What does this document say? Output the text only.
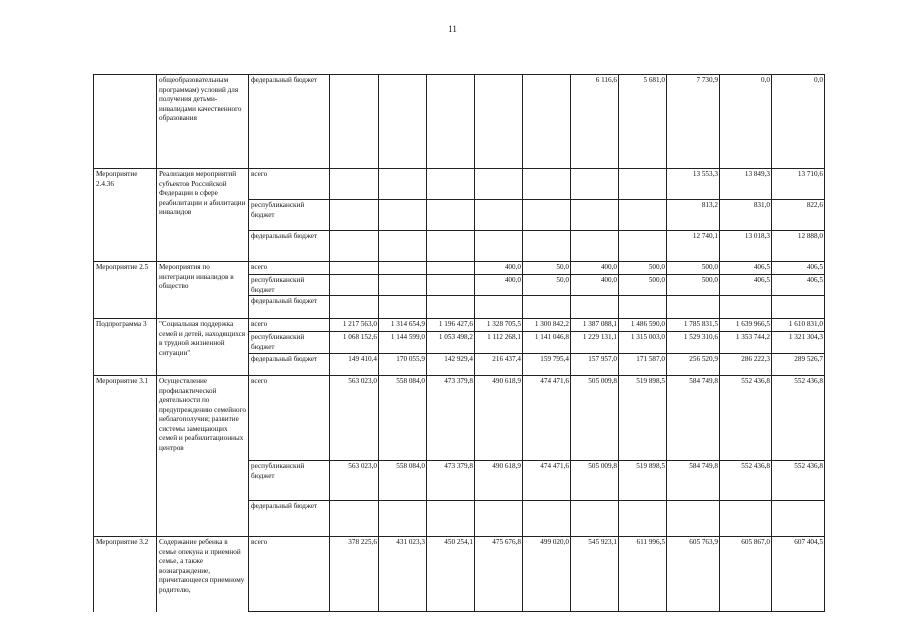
11
	общеобразовательным программам) условий для получения детьми-инвалидами качественного образования	федеральный бюджет						6 116,6	5 681,0	7 730,9	0,0	0,0
Мероприятие 2.4.36	Реализация мероприятий субъектов Российской Федерации в сфере реабилитации и абилитации инвалидов	всего								13 553,3	13 849,3	13 710,6
		республиканский бюджет								813,2	831,0	822,6
		федеральный бюджет								12 740,1	13 018,3	12 888,0
Мероприятие 2.5	Мероприятия по интеграции инвалидов в общество	всего				400,0	50,0	400,0	500,0	500,0	406,5	406,5
		республиканский бюджет				400,0	50,0	400,0	500,0	500,0	406,5	406,5
		федеральный бюджет										
Подпрограмма 3	"Социальная поддержка семей и детей, находящихся в трудной жизненной ситуации"	всего	1 217 563,0	1 314 654,9	1 196 427,6	1 328 705,5	1 300 842,2	1 387 088,1	1 486 590,0	1 785 831,5	1 639 966,5	1 610 831,0
		республиканский бюджет	1 068 152,6	1 144 599,0	1 053 498,2	1 112 268,1	1 141 046,8	1 229 131,1	1 315 003,0	1 529 310,6	1 353 744,2	1 321 304,3
		федеральный бюджет	149 410,4	170 055,9	142 929,4	216 437,4	159 795,4	157 957,0	171 587,0	256 520,9	286 222,3	289 526,7
Мероприятие 3.1	Осуществление профилактической деятельности по предупреждению семейного неблагополучия; развитие системы замещающих семей и реабилитационных центров	всего	563 023,0	558 084,0	473 379,8	490 618,9	474 471,6	505 009,8	519 898,5	584 749,8	552 436,8	552 436,8
		республиканский бюджет	563 023,0	558 084,0	473 379,8	490 618,9	474 471,6	505 009,8	519 898,5	584 749,8	552 436,8	552 436,8
		федеральный бюджет										
Мероприятие 3.2	Содержание ребенка в семье опекуна и приемной семье, а также вознаграждение, причитающееся приемному родителю,	всего	378 225,6	431 023,3	450 254,1	475 676,8	499 020,0	545 923,1	611 996,5	605 763,9	605 867,0	607 404,5
